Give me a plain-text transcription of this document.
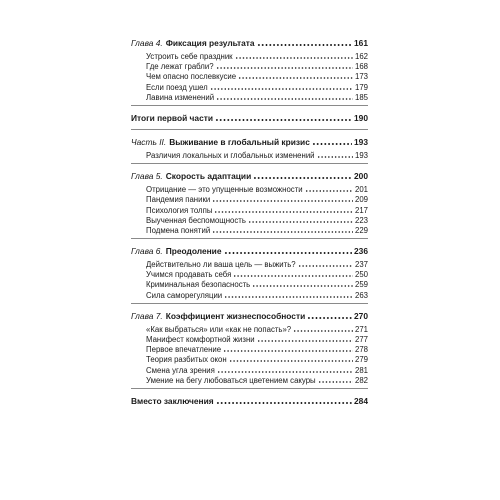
Глава 4. Фиксация результата	161
Устроить себе праздник	162
Где лежат грабли?	168
Чем опасно послевкусие	173
Если поезд ушел	179
Лавина изменений	185
Итоги первой части	190
Часть II. Выживание в глобальный кризис	193
Различия локальных и глобальных изменений	193
Глава 5. Скорость адаптации	200
Отрицание — это упущенные возможности	201
Пандемия паники	209
Психология толпы	217
Выученная беспомощность	223
Подмена понятий	229
Глава 6. Преодоление	236
Действительно ли ваша цель — выжить?	237
Учимся продавать себя	250
Криминальная безопасность	259
Сила саморегуляции	263
Глава 7. Коэффициент жизнеспособности	270
«Как выбраться» или «как не попасть»?	271
Манифест комфортной жизни	277
Первое впечатление	278
Теория разбитых окон	279
Смена угла зрения	281
Умение на бегу любоваться цветением сакуры	282
Вместо заключения	284
